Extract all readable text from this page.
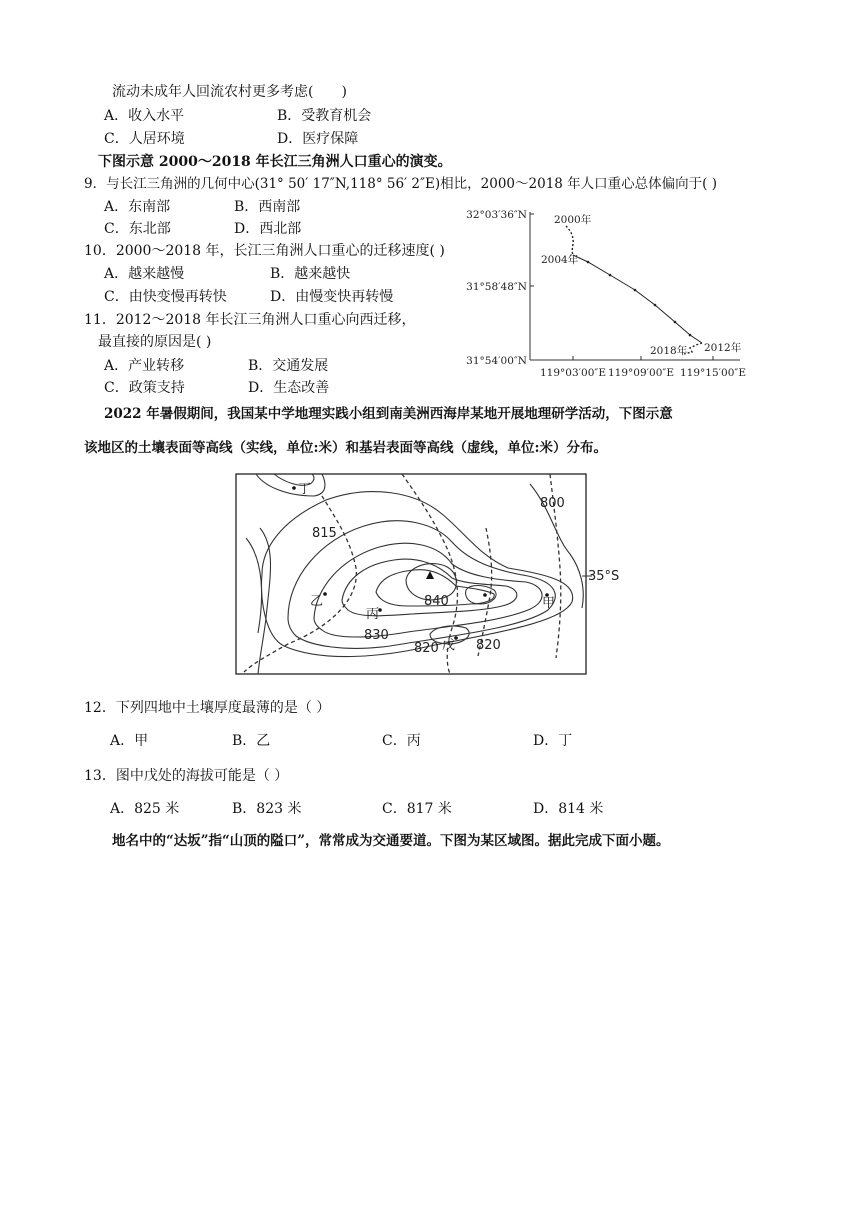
流动未成年人回流农村更多考虑(　　)
A．收入水平	B．受教育机会
C．人居环境	D．医疗保障
下图示意 2000～2018 年长江三角洲人口重心的演变。
9．与长江三角洲的几何中心(31° 50′ 17″N,118° 56′ 2″E)相比，2000～2018 年人口重心总体偏向于( )
A．东南部	B．西南部
C．东北部	D．西北部
10．2000～2018 年，长江三角洲人口重心的迁移速度( )
A．越来越慢	B．越来越快
C．由快变慢再转快	D．由慢变快再转慢
11．2012～2018 年长江三角洲人口重心向西迁移，
最直接的原因是( )
A．产业转移	B．交通发展
C．政策支持	D．生态改善
32°03′36″N
31°58′48″N
31°54′00″N
119°03′00″E 119°09′00″E 119°15′00″E
2000年
2004年
2018年 2012年
2022 年暑假期间，我国某中学地理实践小组到南美洲西海岸某地开展地理研学活动，下图示意
该地区的土壤表面等高线（实线，单位:米）和基岩表面等高线（虚线，单位:米）分布。
35°S
815
800
840
830
820	820
丁
乙
丙
甲
戊
12．下列四地中土壤厚度最薄的是（ ）
A．甲	B．乙	C．丙	D．丁
13．图中戊处的海拔可能是（ ）
A．825 米	B．823 米	C．817 米	D．814 米
地名中的“达坂”指“山顶的隘口”，常常成为交通要道。下图为某区域图。据此完成下面小题。
